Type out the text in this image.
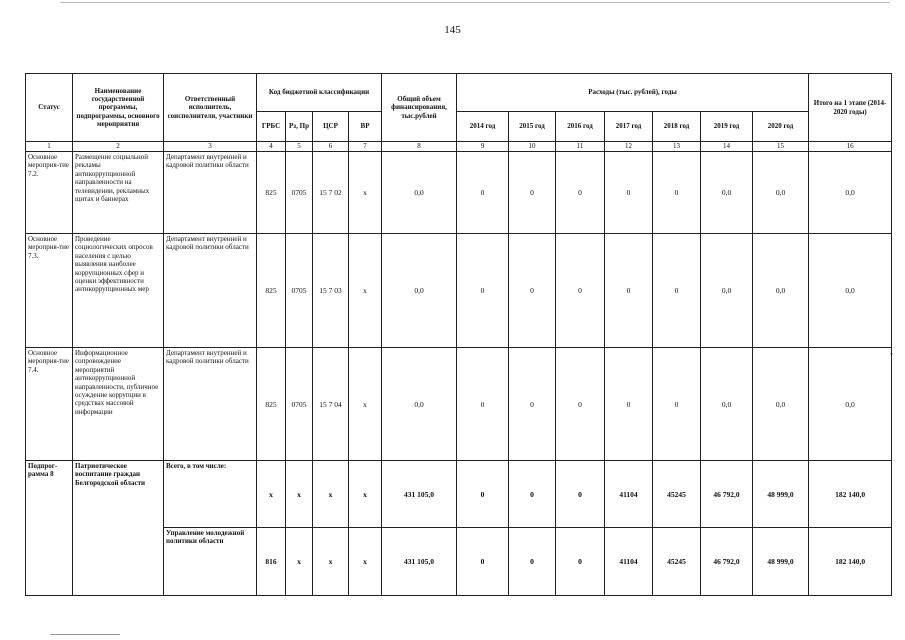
145
-
Статус	Наименование государственной программы, подпрограммы, основного мероприятия	Ответственный исполнитель, соисполнители, участники	Код бюджетной классификации				Общий объем финансирования, тыс.рублей	Расходы (тыс. рублей), годы							Итого на 1 этапе (2014-2020 годы)
			ГРБС	Рз, Пр	ЦСР	ВР		2014 год	2015 год	2016 год	2017 год	2018 год	2019 год	2020 год	
1	2	3	4	5	6	7	8	9	10	11	12	13	14	15	16
Основное мероприя-тие 7.2.	Размещение социальной рекламы антикоррупционной направленности на телевидении, рекламных щитах и баннерах	Департамент внутренней и кадровой политики области	825	0705	15 7 02	х	0,0	0	0	0	0	0	0,0	0,0	0,0
Основное мероприя-тие 7.3.	Проведение социологических опросов населения с целью выявления наиболее коррупционных сфер и оценки эффективности антикоррупционных мер	Департамент внутренней и кадровой политики области	825	0705	15 7 03	х	0,0	0	0	0	0	0	0,0	0,0	0,0
Основное мероприя-тие 7.4.	Информационное сопровождение мероприятий антикоррупционной направленности, публичное осуждение коррупции в средствах массовой информации	Департамент внутренней и кадровой политики области	825	0705	15 7 04	х	0,0	0	0	0	0	0	0,0	0,0	0,0
Подпрог-рамма 8	Патриотическое воспитание граждан Белгородской области	Всего, в том числе:	х	х	х	х	431 105,0	0	0	0	41104	45245	46 792,0	48 999,0	182 140,0
		Управление молодежной политики области	816	х	х	х	431 105,0	0	0	0	41104	45245	46 792,0	48 999,0	182 140,0
